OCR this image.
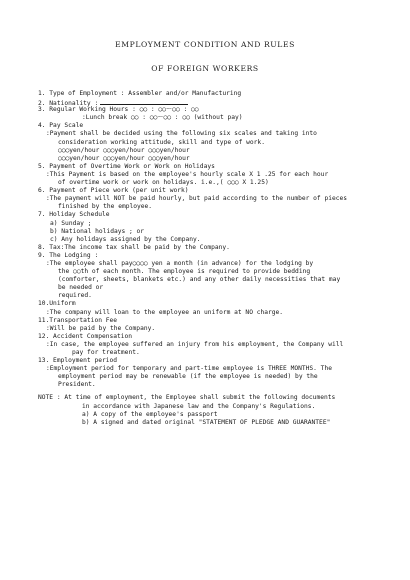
EMPLOYMENT CONDITION AND RULES
OF FOREIGN WORKERS
1. Type of Employment : Assembler and/or Manufacturing
2. Nationality :
3. Regular Working Hours : ○○ : ○○～○○ : ○○
:Lunch break ○○ : ○○～○○ : ○○ (without pay)
4. Pay Scale
:Payment shall be decided using the following six scales and taking into
consideration working attitude, skill and type of work.
○○○yen/hour ○○○yen/hour ○○○yen/hour
○○○yen/hour ○○○yen/hour ○○○yen/hour
5. Payment of Overtime Work or Work on Holidays
:This Payment is based on the employee's hourly scale X 1 .25 for each hour
of overtime work or work on holidays. i.e.,( ○○○ X 1.25)
6. Payment of Piece work (per unit work)
:The payment will NOT be paid hourly, but paid according to the number of pieces
finished by the employee.
7. Holiday Schedule
a) Sunday ;
b) National holidays ; or
c) Any holidays assigned by the Company.
8. Tax:The income tax shall be paid by the Company.
9. The Lodging :
:The employee shall pay○○○○ yen a month (in advance) for the lodging by
the ○○th of each month. The employee is required to provide bedding
(comforter, sheets, blankets etc.) and any other daily necessities that may
be needed or
required.
10.Uniform
:The company will loan to the employee an uniform at NO charge.
11.Transportation Fee
:Will be paid by the Company.
12. Accident Compensation
:In case, the employee suffered an injury from his employment, the Company will
pay for treatment.
13. Employment period
:Employment period for temporary and part-time employee is THREE MONTHS. The
employment period may be renewable (if the employee is needed) by the
President.
NOTE : At time of employment, the Employee shall submit the following documents
in accordance with Japanese law and the Company's Regulations.
a) A copy of the employee's passport
b) A signed and dated original "STATEMENT OF PLEDGE AND GUARANTEE"
